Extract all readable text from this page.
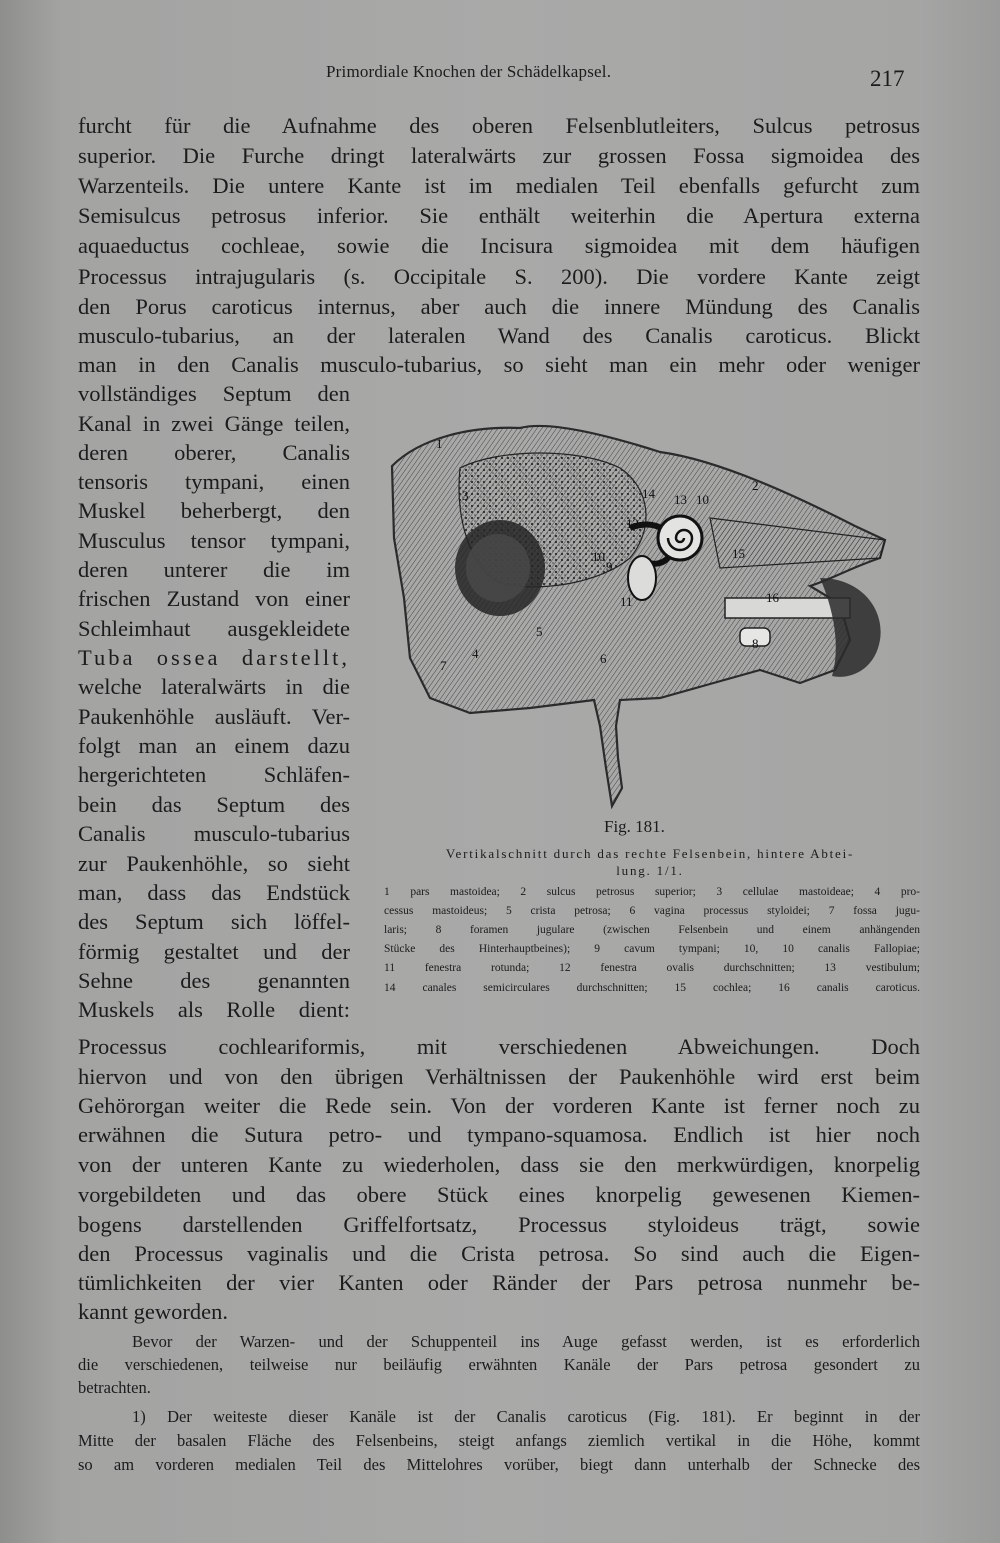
Primordiale Knochen der Schädelkapsel.	217
furcht für die Aufnahme des oberen Felsenblutleiters, Sulcus petrosus
superior. Die Furche dringt lateralwärts zur grossen Fossa sigmoidea des
Warzenteils. Die untere Kante ist im medialen Teil ebenfalls gefurcht zum
Semisulcus petrosus inferior. Sie enthält weiterhin die Apertura externa
aquaeductus cochleae, sowie die Incisura sigmoidea mit dem häufigen
Processus intrajugularis (s. Occipitale S. 200). Die vordere Kante zeigt
den Porus caroticus internus, aber auch die innere Mündung des Canalis
musculo-tubarius, an der lateralen Wand des Canalis caroticus. Blickt
man in den Canalis musculo-tubarius, so sieht man ein mehr oder weniger
vollständiges Septum den
Kanal in zwei Gänge teilen,
deren oberer, Canalis
tensoris tympani, einen
Muskel beherbergt, den
Musculus tensor tympani,
deren unterer die im
frischen Zustand von einer
Schleimhaut ausgekleidete
Tuba ossea darstellt,
welche lateralwärts in die
Paukenhöhle ausläuft. Ver-
folgt man an einem dazu
hergerichteten Schläfen-
bein das Septum des
Canalis musculo-tubarius
zur Paukenhöhle, so sieht
man, dass das Endstück
des Septum sich löffel-
förmig gestaltet und der
Sehne des genannten
Muskels als Rolle dient:
1
2
3
4
5
6
7
8
9
10
10
11
12
13
14
15
16
Fig. 181.
Vertikalschnitt durch das rechte Felsenbein, hintere Abtei-
lung. 1/1.
1 pars mastoidea; 2 sulcus petrosus superior; 3 cellulae mastoideae; 4 pro-
cessus mastoideus; 5 crista petrosa; 6 vagina processus styloidei; 7 fossa jugu-
laris; 8 foramen jugulare (zwischen Felsenbein und einem anhängenden
Stücke des Hinterhauptbeines); 9 cavum tympani; 10, 10 canalis Fallopiae;
11 fenestra rotunda; 12 fenestra ovalis durchschnitten; 13 vestibulum;
14 canales semicirculares durchschnitten; 15 cochlea; 16 canalis caroticus.
Processus cochleariformis, mit verschiedenen Abweichungen. Doch
hiervon und von den übrigen Verhältnissen der Paukenhöhle wird erst beim
Gehörorgan weiter die Rede sein. Von der vorderen Kante ist ferner noch zu
erwähnen die Sutura petro- und tympano-squamosa. Endlich ist hier noch
von der unteren Kante zu wiederholen, dass sie den merkwürdigen, knorpelig
vorgebildeten und das obere Stück eines knorpelig gewesenen Kiemen-
bogens darstellenden Griffelfortsatz, Processus styloideus trägt, sowie
den Processus vaginalis und die Crista petrosa. So sind auch die Eigen-
tümlichkeiten der vier Kanten oder Ränder der Pars petrosa nunmehr be-
kannt geworden.
Bevor der Warzen- und der Schuppenteil ins Auge gefasst werden, ist es erforderlich
die verschiedenen, teilweise nur beiläufig erwähnten Kanäle der Pars petrosa gesondert zu
betrachten.
1) Der weiteste dieser Kanäle ist der Canalis caroticus (Fig. 181). Er beginnt in der
Mitte der basalen Fläche des Felsenbeins, steigt anfangs ziemlich vertikal in die Höhe, kommt
so am vorderen medialen Teil des Mittelohres vorüber, biegt dann unterhalb der Schnecke des
